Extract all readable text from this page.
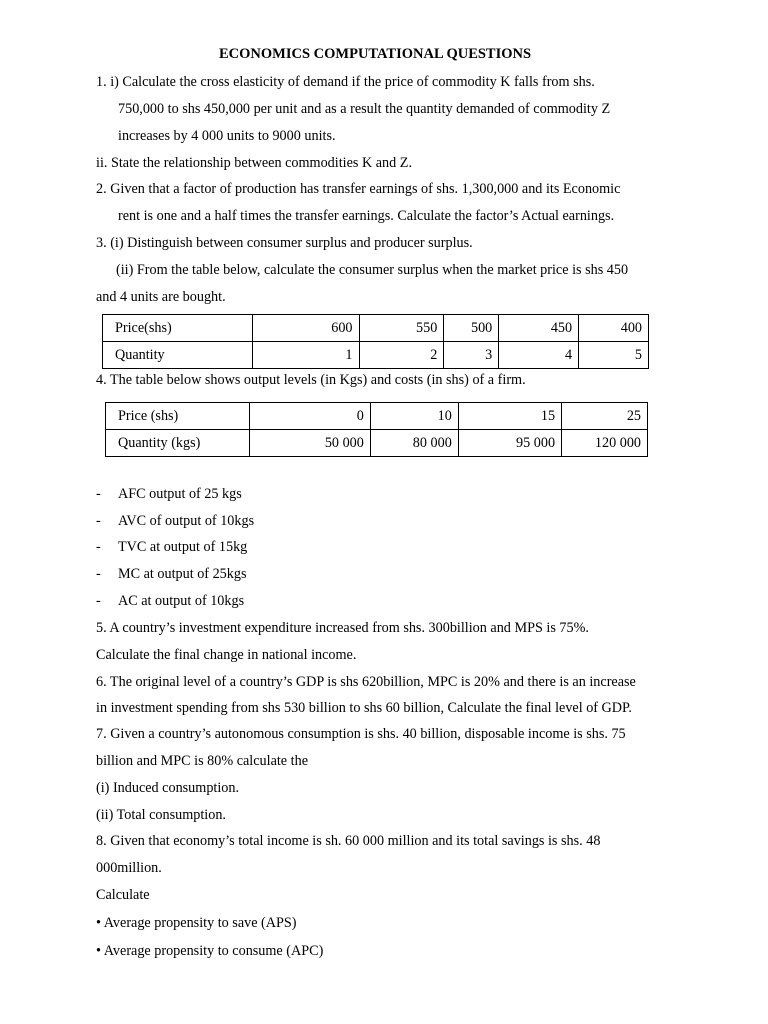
ECONOMICS COMPUTATIONAL QUESTIONS
1. i) Calculate the cross elasticity of demand if the price of commodity K falls from shs.
750,000 to shs 450,000 per unit and as a result the quantity demanded of commodity Z
increases by 4 000 units to 9000 units.
ii. State the relationship between commodities K and Z.
2. Given that a factor of production has transfer earnings of shs. 1,300,000 and its Economic
rent is one and a half times the transfer earnings. Calculate the factor’s Actual earnings.
3. (i) Distinguish between consumer surplus and producer surplus.
(ii) From the table below, calculate the consumer surplus when the market price is shs 450
and 4 units are bought.
Price(shs)	600	550	500	450	400
Quantity	1	2	3	4	5
4. The table below shows output levels (in Kgs) and costs (in shs) of a firm.
Price (shs)	0	10	15	25
Quantity (kgs)	50 000	80 000	95 000	120 000
- AFC output of 25 kgs
- AVC of output of 10kgs
- TVC at output of 15kg
- MC at output of 25kgs
- AC at output of 10kgs
5. A country’s investment expenditure increased from shs. 300billion and MPS is 75%.
Calculate the final change in national income.
6. The original level of a country’s GDP is shs 620billion, MPC is 20% and there is an increase
in investment spending from shs 530 billion to shs 60 billion, Calculate the final level of GDP.
7. Given a country’s autonomous consumption is shs. 40 billion, disposable income is shs. 75
billion and MPC is 80% calculate the
(i) Induced consumption.
(ii) Total consumption.
8. Given that economy’s total income is sh. 60 000 million and its total savings is shs. 48
000million.
Calculate
• Average propensity to save (APS)
• Average propensity to consume (APC)
